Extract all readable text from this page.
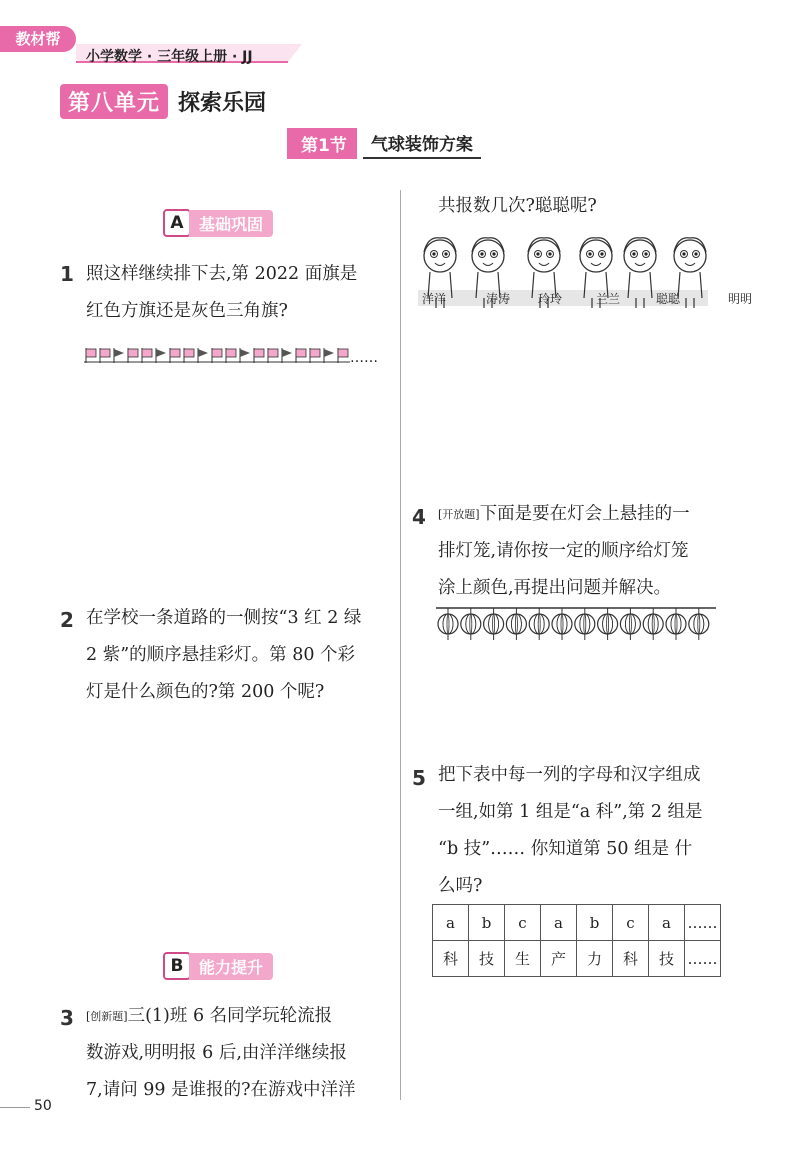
教材帮
小学数学 · 三年级上册 · JJ
第八单元 探索乐园
第1节	气球装饰方案
A 基础巩固
1 照这样继续排下去,第 2022 面旗是
红色方旗还是灰色三角旗?
……
2 在学校一条道路的一侧按“3 红 2 绿
2 紫”的顺序悬挂彩灯。第 80 个彩
灯是什么颜色的?第 200 个呢?
B 能力提升
3 [创新题]三(1)班 6 名同学玩轮流报
数游戏,明明报 6 后,由洋洋继续报
7,请问 99 是谁报的?在游戏中洋洋
共报数几次?聪聪呢?
洋洋	涛涛 玲玲	兰兰	聪聪	明明
4 [开放题]下面是要在灯会上悬挂的一
排灯笼,请你按一定的顺序给灯笼
涂上颜色,再提出问题并解决。
5 把下表中每一列的字母和汉字组成
一组,如第 1 组是“a 科”,第 2 组是
“b 技”…… 你知道第 50 组是 什
么吗?
a	b	c	a	b	c	a	……
科	技	生	产	力	科	技	……
50
